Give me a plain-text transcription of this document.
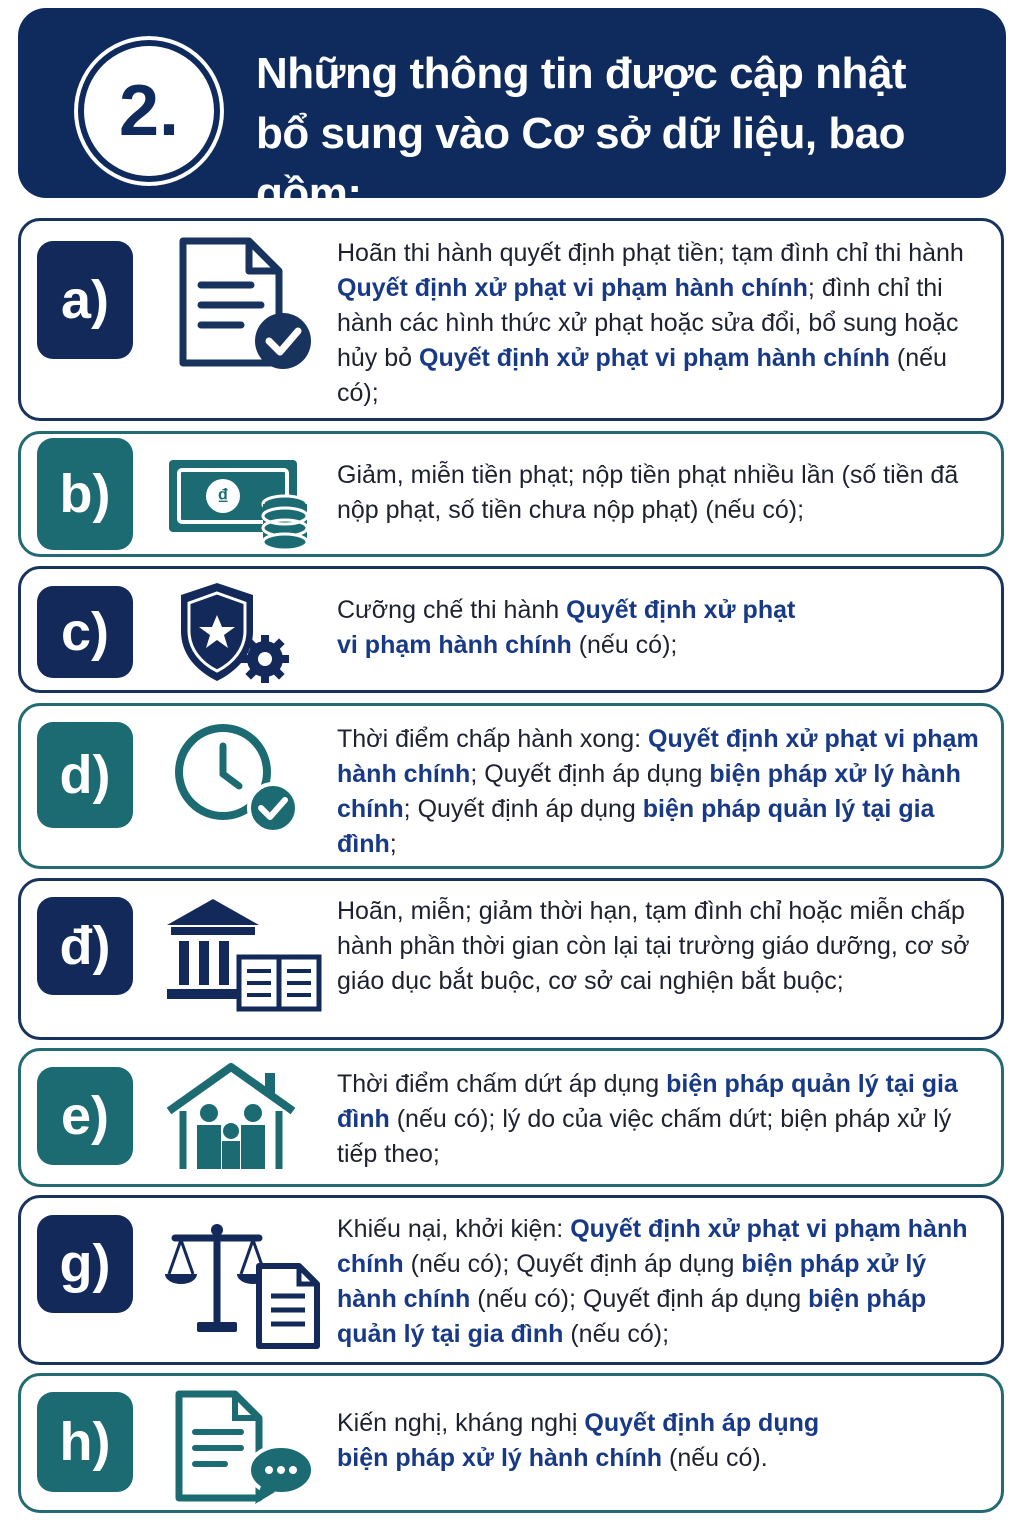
2.	Những thông tin được cập nhật
bổ sung vào Cơ sở dữ liệu, bao gồm:
a)
Hoãn thi hành quyết định phạt tiền; tạm đình chỉ thi hành Quyết định xử phạt vi phạm hành chính; đình chỉ thi hành các hình thức xử phạt hoặc sửa đổi, bổ sung hoặc hủy bỏ Quyết định xử phạt vi phạm hành chính (nếu có);
b)	₫
Giảm, miễn tiền phạt; nộp tiền phạt nhiều lần (số tiền đã nộp phạt, số tiền chưa nộp phạt) (nếu có);
c)	Cưỡng chế thi hành Quyết định xử phạt
vi phạm hành chính (nếu có);
d)
Thời điểm chấp hành xong: Quyết định xử phạt vi phạm hành chính; Quyết định áp dụng biện pháp xử lý hành chính; Quyết định áp dụng biện pháp quản lý tại gia đình;
đ)
Hoãn, miễn; giảm thời hạn, tạm đình chỉ hoặc miễn chấp hành phần thời gian còn lại tại trường giáo dưỡng, cơ sở giáo dục bắt buộc, cơ sở cai nghiện bắt buộc;
e)
Thời điểm chấm dứt áp dụng biện pháp quản lý tại gia đình (nếu có); lý do của việc chấm dứt; biện pháp xử lý tiếp theo;
g)
Khiếu nại, khởi kiện: Quyết định xử phạt vi phạm hành chính (nếu có); Quyết định áp dụng biện pháp xử lý hành chính (nếu có); Quyết định áp dụng biện pháp quản lý tại gia đình (nếu có);
h)	Kiến nghị, kháng nghị Quyết định áp dụng
biện pháp xử lý hành chính (nếu có).
